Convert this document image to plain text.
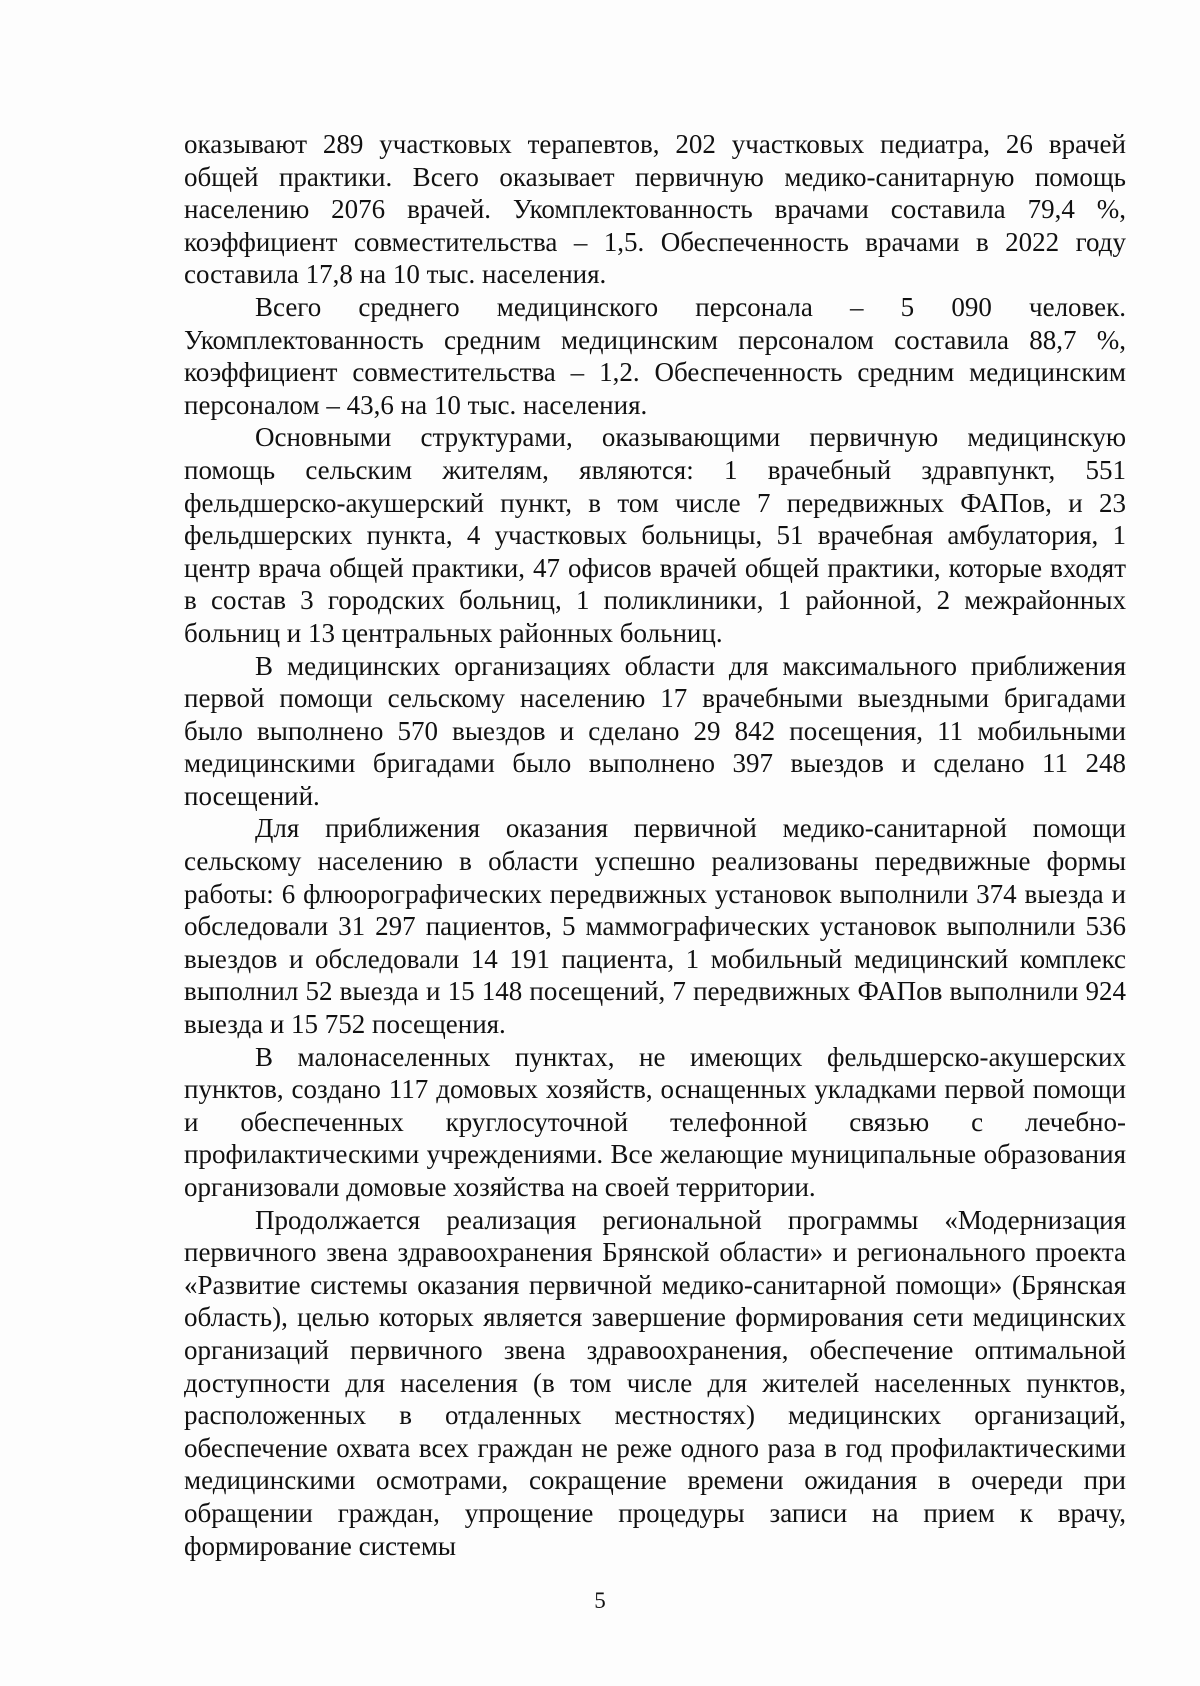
оказывают 289 участковых терапевтов, 202 участковых педиатра, 26 врачей общей практики. Всего оказывает первичную медико-санитарную помощь населению 2076 врачей. Укомплектованность врачами составила 79,4 %, коэффициент совместительства – 1,5. Обеспеченность врачами в 2022 году составила 17,8 на 10 тыс. населения.

Всего среднего медицинского персонала – 5 090 человек. Укомплектованность средним медицинским персоналом составила 88,7 %, коэффициент совместительства – 1,2. Обеспеченность средним медицинским персоналом – 43,6 на 10 тыс. населения.

Основными структурами, оказывающими первичную медицинскую помощь сельским жителям, являются: 1 врачебный здравпункт, 551 фельдшерско-акушерский пункт, в том числе 7 передвижных ФАПов, и 23 фельдшерских пункта, 4 участковых больницы, 51 врачебная амбулатория, 1 центр врача общей практики, 47 офисов врачей общей практики, которые входят в состав 3 городских больниц, 1 поликлиники, 1 районной, 2 межрайонных больниц и 13 центральных районных больниц.

В медицинских организациях области для максимального приближения первой помощи сельскому населению 17 врачебными выездными бригадами было выполнено 570 выездов и сделано 29 842 посещения, 11 мобильными медицинскими бригадами было выполнено 397 выездов и сделано 11 248 посещений.

Для приближения оказания первичной медико-санитарной помощи сельскому населению в области успешно реализованы передвижные формы работы: 6 флюорографических передвижных установок выполнили 374 выезда и обследовали 31 297 пациентов, 5 маммографических установок выполнили 536 выездов и обследовали 14 191 пациента, 1 мобильный медицинский комплекс выполнил 52 выезда и 15 148 посещений, 7 передвижных ФАПов выполнили 924 выезда и 15 752 посещения.

В малонаселенных пунктах, не имеющих фельдшерско-акушерских пунктов, создано 117 домовых хозяйств, оснащенных укладками первой помощи и обеспеченных круглосуточной телефонной связью с лечебно-профилактическими учреждениями. Все желающие муниципальные образования организовали домовые хозяйства на своей территории.

Продолжается реализация региональной программы «Модернизация первичного звена здравоохранения Брянской области» и регионального проекта «Развитие системы оказания первичной медико-санитарной помощи» (Брянская область), целью которых является завершение формирования сети медицинских организаций первичного звена здравоохранения, обеспечение оптимальной доступности для населения (в том числе для жителей населенных пунктов, расположенных в отдаленных местностях) медицинских организаций, обеспечение охвата всех граждан не реже одного раза в год профилактическими медицинскими осмотрами, сокращение времени ожидания в очереди при обращении граждан, упрощение процедуры записи на прием к врачу, формирование системы

5
